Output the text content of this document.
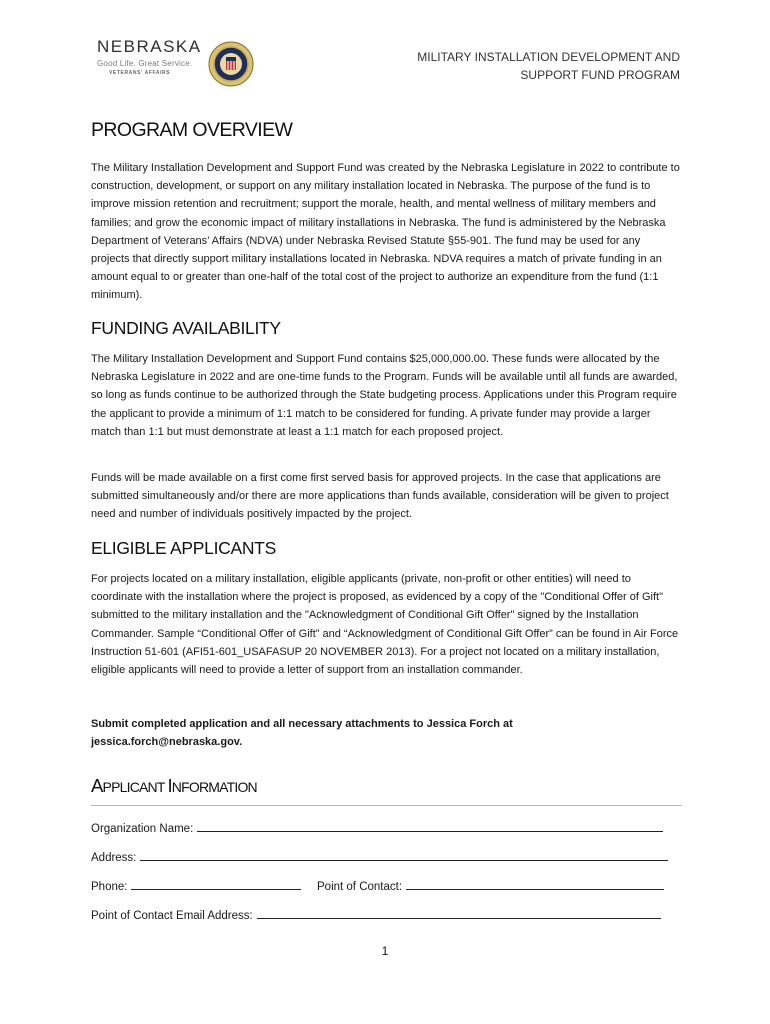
NEBRASKA
Good Life. Great Service.
VETERANS' AFFAIRS
MILITARY INSTALLATION DEVELOPMENT AND
SUPPORT FUND PROGRAM
PROGRAM OVERVIEW
The Military Installation Development and Support Fund was created by the Nebraska Legislature in 2022 to contribute to construction, development, or support on any military installation located in Nebraska. The purpose of the fund is to improve mission retention and recruitment; support the morale, health, and mental wellness of military members and families; and grow the economic impact of military installations in Nebraska. The fund is administered by the Nebraska Department of Veterans’ Affairs (NDVA) under Nebraska Revised Statute §55-901. The fund may be used for any projects that directly support military installations located in Nebraska. NDVA requires a match of private funding in an amount equal to or greater than one-half of the total cost of the project to authorize an expenditure from the fund (1:1 minimum).
FUNDING AVAILABILITY
The Military Installation Development and Support Fund contains $25,000,000.00. These funds were allocated by the Nebraska Legislature in 2022 and are one-time funds to the Program. Funds will be available until all funds are awarded, so long as funds continue to be authorized through the State budgeting process. Applications under this Program require the applicant to provide a minimum of 1:1 match to be considered for funding. A private funder may provide a larger match than 1:1 but must demonstrate at least a 1:1 match for each proposed project.
Funds will be made available on a first come first served basis for approved projects. In the case that applications are submitted simultaneously and/or there are more applications than funds available, consideration will be given to project need and number of individuals positively impacted by the project.
ELIGIBLE APPLICANTS
For projects located on a military installation, eligible applicants (private, non-profit or other entities) will need to coordinate with the installation where the project is proposed, as evidenced by a copy of the "Conditional Offer of Gift" submitted to the military installation and the "Acknowledgment of Conditional Gift Offer" signed by the Installation Commander. Sample “Conditional Offer of Gift” and “Acknowledgment of Conditional Gift Offer” can be found in Air Force Instruction 51-601 (AFI51-601_USAFASUP 20 NOVEMBER 2013). For a project not located on a military installation, eligible applicants will need to provide a letter of support from an installation commander.
Submit completed application and all necessary attachments to Jessica Forch at jessica.forch@nebraska.gov.
APPLICANT INFORMATION
Organization Name:
Address:
Phone:	Point of Contact:
Point of Contact Email Address:
1
